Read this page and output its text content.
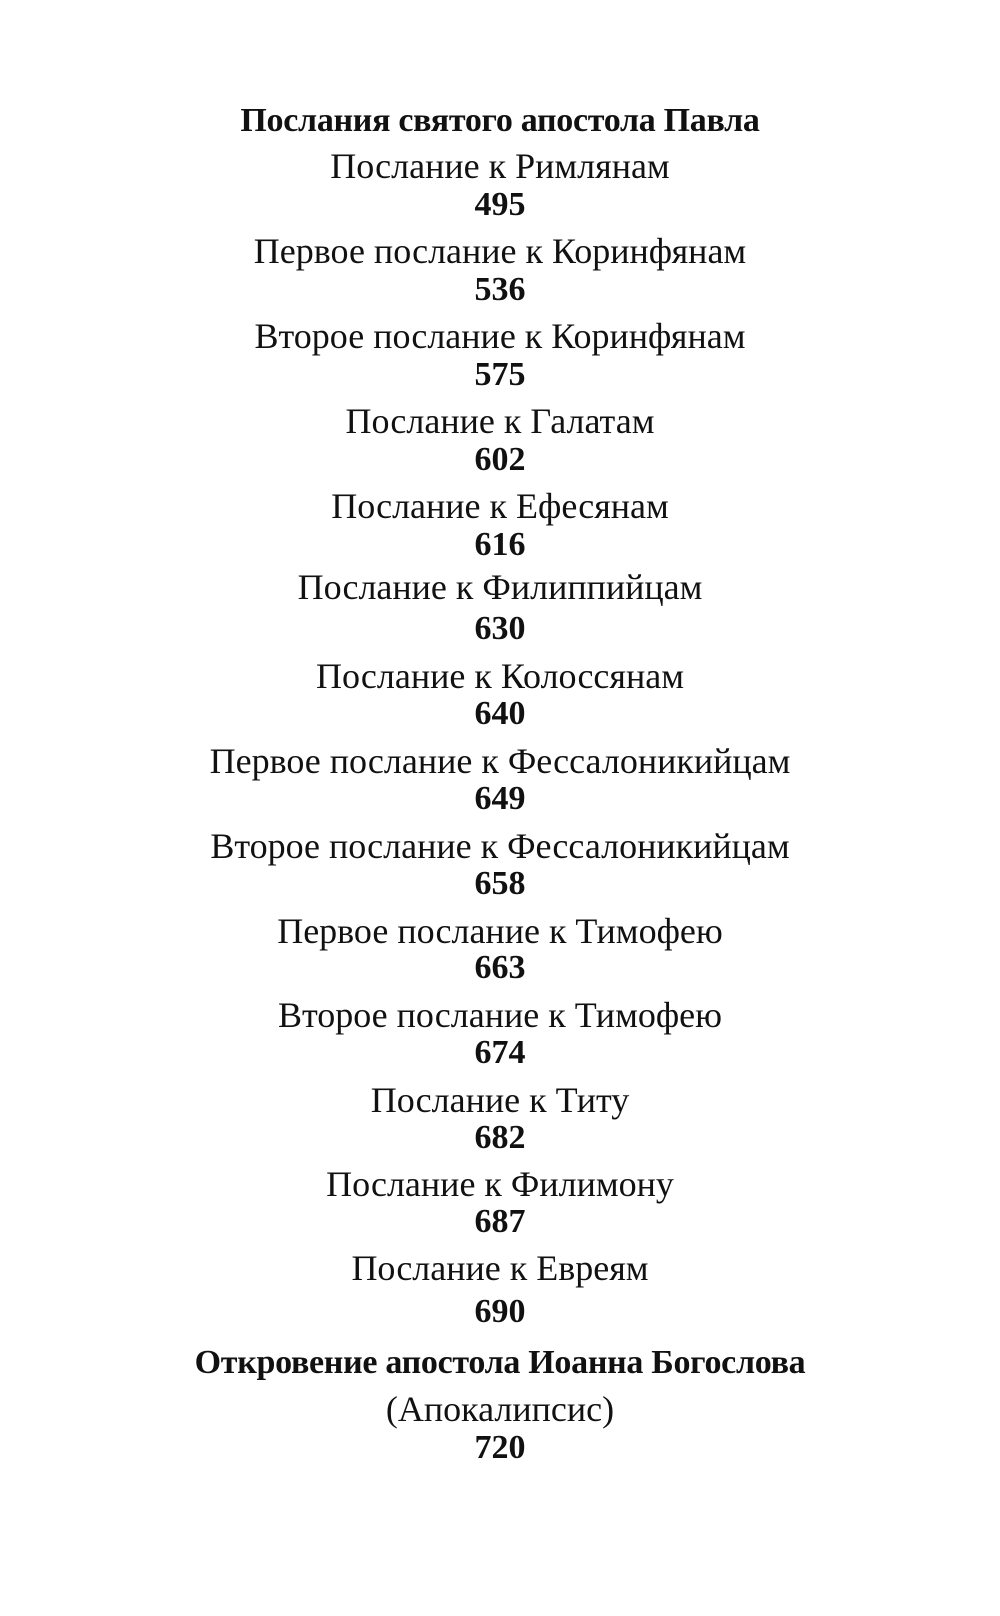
Послания святого апостола Павла
Послание к Римлянам
495
Первое послание к Коринфянам
536
Второе послание к Коринфянам
575
Послание к Галатам
602
Послание к Ефесянам
616
Послание к Филиппийцам
630
Послание к Колоссянам
640
Первое послание к Фессалоникийцам
649
Второе послание к Фессалоникийцам
658
Первое послание к Тимофею
663
Второе послание к Тимофею
674
Послание к Титу
682
Послание к Филимону
687
Послание к Евреям
690
Откровение апостола Иоанна Богослова
(Апокалипсис)
720
